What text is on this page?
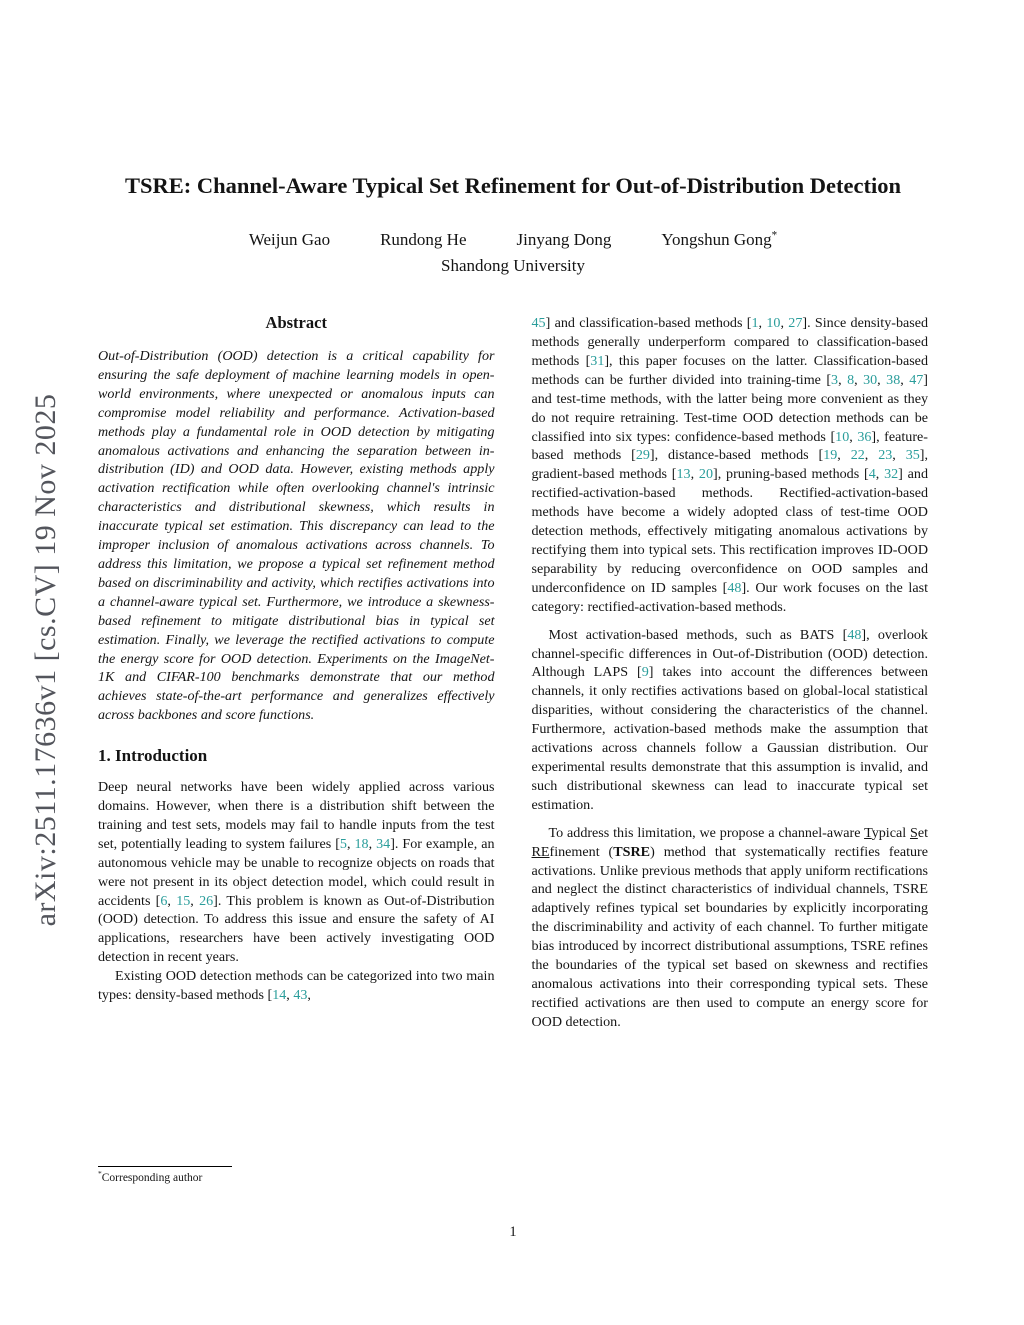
arXiv:2511.17636v1 [cs.CV] 19 Nov 2025
TSRE: Channel-Aware Typical Set Refinement for Out-of-Distribution Detection
Weijun Gao	Rundong He	Jinyang Dong	Yongshun Gong*
Shandong University
Abstract
Out-of-Distribution (OOD) detection is a critical capability for ensuring the safe deployment of machine learning models in open-world environments, where unexpected or anomalous inputs can compromise model reliability and performance. Activation-based methods play a fundamental role in OOD detection by mitigating anomalous activations and enhancing the separation between in-distribution (ID) and OOD data. However, existing methods apply activation rectification while often overlooking channel's intrinsic characteristics and distributional skewness, which results in inaccurate typical set estimation. This discrepancy can lead to the improper inclusion of anomalous activations across channels. To address this limitation, we propose a typical set refinement method based on discriminability and activity, which rectifies activations into a channel-aware typical set. Furthermore, we introduce a skewness-based refinement to mitigate distributional bias in typical set estimation. Finally, we leverage the rectified activations to compute the energy score for OOD detection. Experiments on the ImageNet-1K and CIFAR-100 benchmarks demonstrate that our method achieves state-of-the-art performance and generalizes effectively across backbones and score functions.
1. Introduction

Deep neural networks have been widely applied across various domains. However, when there is a distribution shift between the training and test sets, models may fail to handle inputs from the test set, potentially leading to system failures [5, 18, 34]. For example, an autonomous vehicle may be unable to recognize objects on roads that were not present in its object detection model, which could result in accidents [6, 15, 26]. This problem is known as Out-of-Distribution (OOD) detection. To address this issue and ensure the safety of AI applications, researchers have been actively investigating OOD detection in recent years.

Existing OOD detection methods can be categorized into two main types: density-based methods [14, 43,

45] and classification-based methods [1, 10, 27]. Since density-based methods generally underperform compared to classification-based methods [31], this paper focuses on the latter. Classification-based methods can be further divided into training-time [3, 8, 30, 38, 47] and test-time methods, with the latter being more convenient as they do not require retraining. Test-time OOD detection methods can be classified into six types: confidence-based methods [10, 36], feature-based methods [29], distance-based methods [19, 22, 23, 35], gradient-based methods [13, 20], pruning-based methods [4, 32] and rectified-activation-based methods. Rectified-activation-based methods have become a widely adopted class of test-time OOD detection methods, effectively mitigating anomalous activations by rectifying them into typical sets. This rectification improves ID-OOD separability by reducing overconfidence on OOD samples and underconfidence on ID samples [48]. Our work focuses on the last category: rectified-activation-based methods.

Most activation-based methods, such as BATS [48], overlook channel-specific differences in Out-of-Distribution (OOD) detection. Although LAPS [9] takes into account the differences between channels, it only rectifies activations based on global-local statistical disparities, without considering the characteristics of the channel. Furthermore, activation-based methods make the assumption that activations across channels follow a Gaussian distribution. Our experimental results demonstrate that this assumption is invalid, and such distributional skewness can lead to inaccurate typical set estimation.

To address this limitation, we propose a channel-aware Typical Set REfinement (TSRE) method that systematically rectifies feature activations. Unlike previous methods that apply uniform rectifications and neglect the distinct characteristics of individual channels, TSRE adaptively refines typical set boundaries by explicitly incorporating the discriminability and activity of each channel. To further mitigate bias introduced by incorrect distributional assumptions, TSRE refines the boundaries of the typical set based on skewness and rectifies anomalous activations into their corresponding typical sets. These rectified activations are then used to compute an energy score for OOD detection.

*Corresponding author
1
